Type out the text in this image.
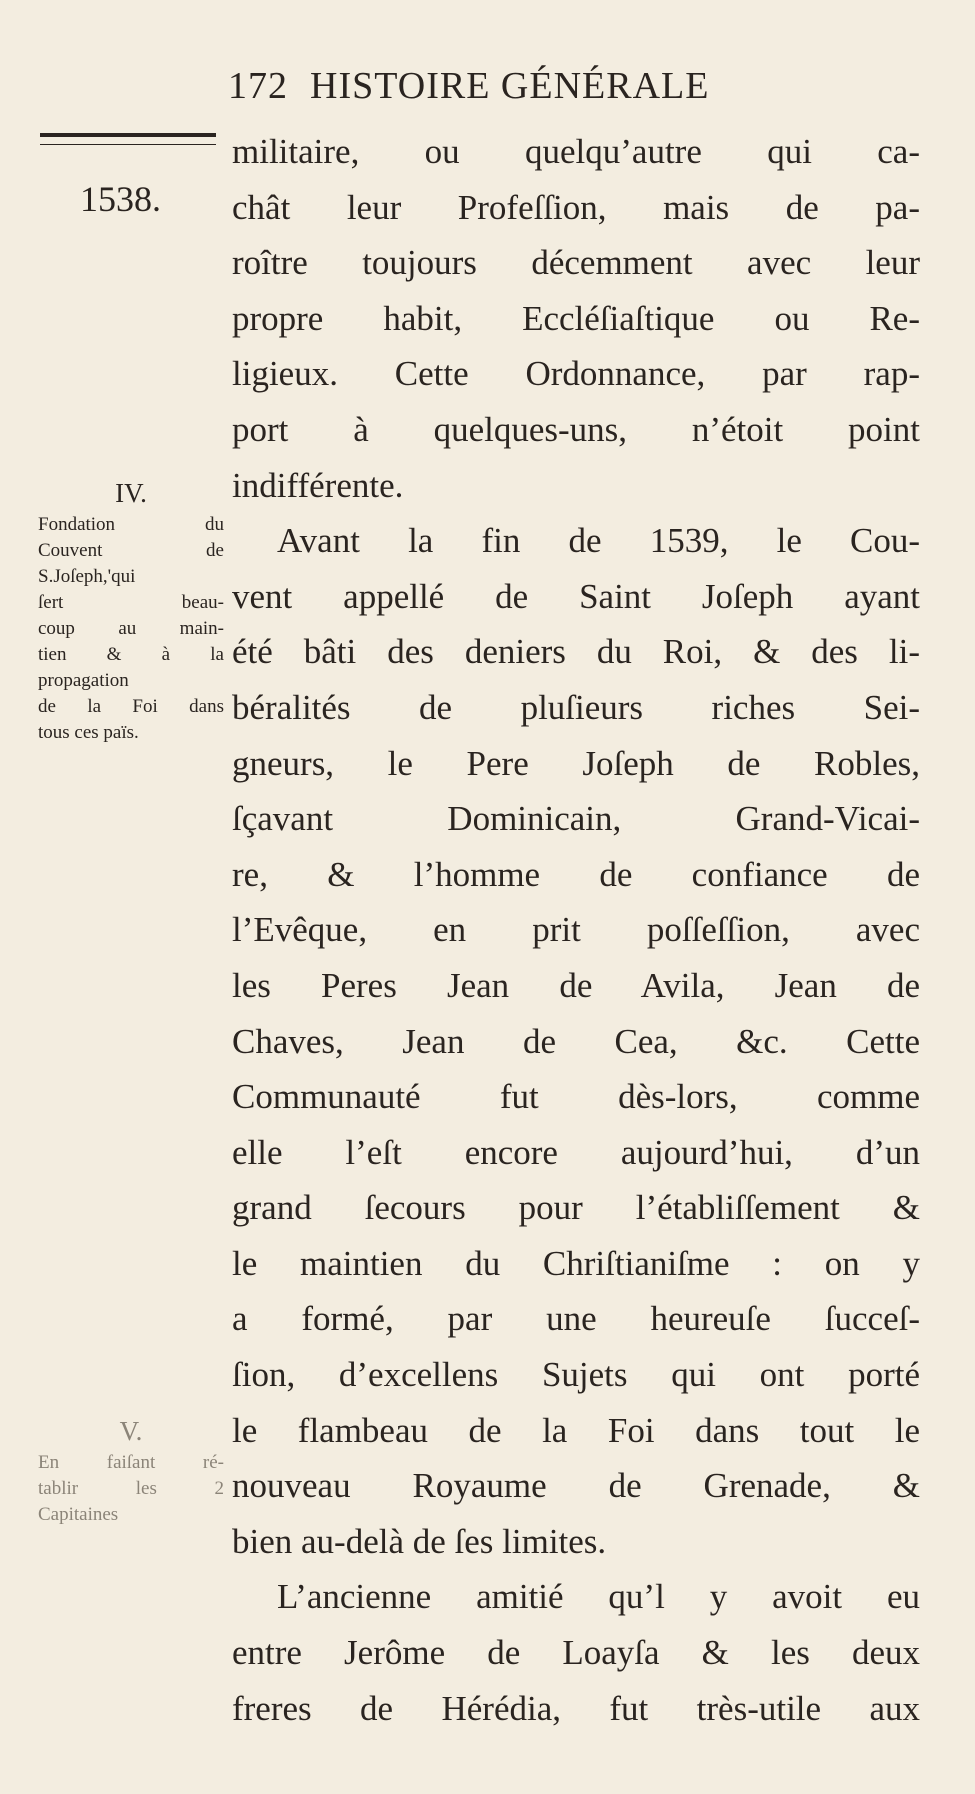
172 HISTOIRE GÉNÉRALE
1538.
militaire, ou quelqu’autre qui ca-
chât leur Profeſſion, mais de pa-
roître toujours décemment avec leur
propre habit, Eccléſiaſtique ou Re-
ligieux. Cette Ordonnance, par rap-
port à quelques-uns, n’étoit point
indifférente.
Avant la fin de 1539, le Cou-
vent appellé de Saint Joſeph ayant
été bâti des deniers du Roi, & des li-
béralités de pluſieurs riches Sei-
gneurs, le Pere Joſeph de Robles,
ſçavant Dominicain, Grand-Vicai-
re, & l’homme de confiance de
l’Evêque, en prit poſſeſſion, avec
les Peres Jean de Avila, Jean de
Chaves, Jean de Cea, &c. Cette
Communauté fut dès-lors, comme
elle l’eſt encore aujourd’hui, d’un
grand ſecours pour l’établiſſement &
le maintien du Chriſtianiſme : on y
a formé, par une heureuſe ſucceſ-
ſion, d’excellens Sujets qui ont porté
le flambeau de la Foi dans tout le
nouveau Royaume de Grenade, &
bien au-delà de ſes limites.
L’ancienne amitié qu’l y avoit eu
entre Jerôme de Loayſa & les deux
freres de Hérédia, fut très-utile aux
IV.
Fondation du
Couvent de
S.Joſeph,'qui
ſert beau-
coup au main-
tien & à la
propagation
de la Foi dans
tous ces païs.
V.
En faiſant ré-
tablir les 2
Capitaines
